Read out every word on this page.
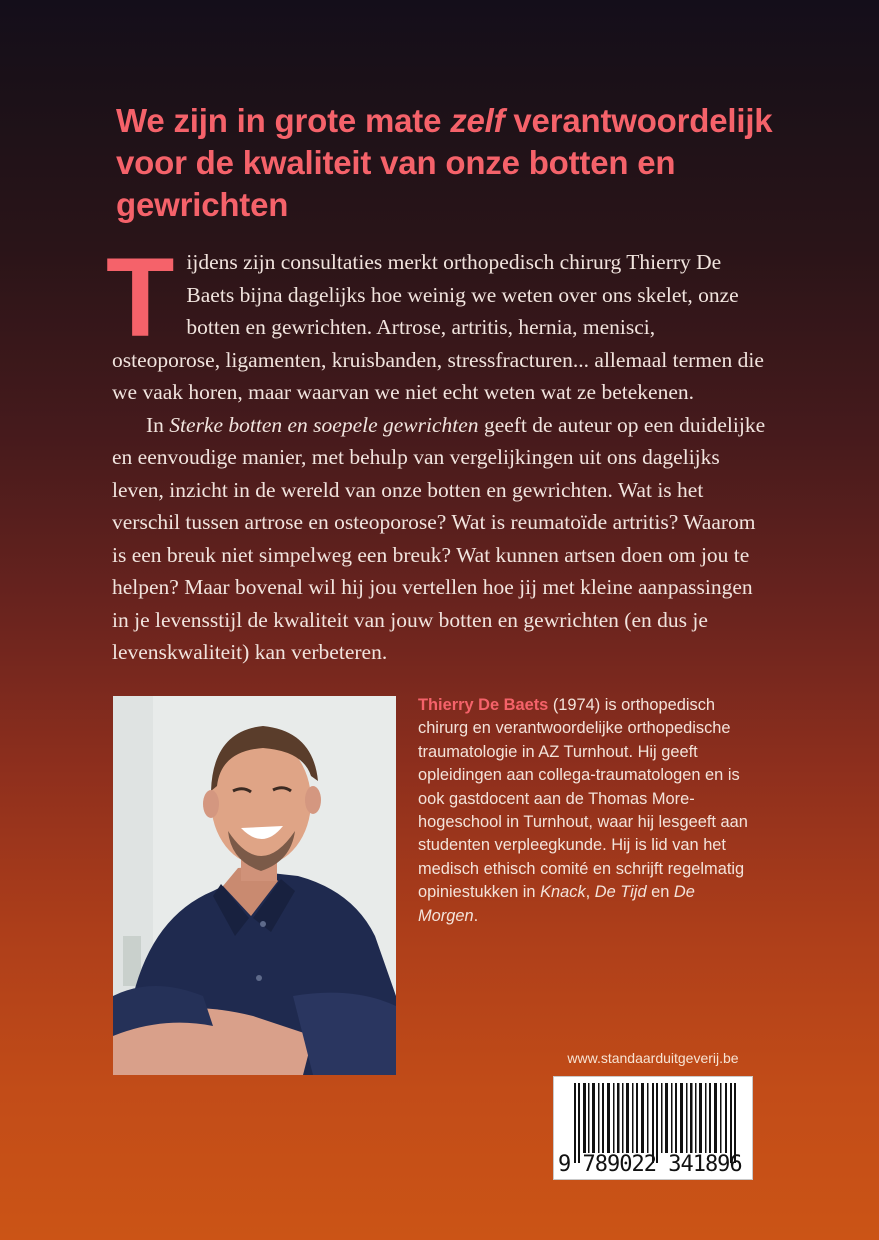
We zijn in grote mate zelf verantwoordelijk voor de kwaliteit van onze botten en gewrichten

Tijdens zijn consultaties merkt orthopedisch chirurg Thierry De Baets bijna dagelijks hoe weinig we weten over ons skelet, onze botten en gewrichten. Artrose, artritis, hernia, menisci, osteoporose, ligamenten, kruisbanden, stressfracturen... allemaal termen die we vaak horen, maar waarvan we niet echt weten wat ze betekenen.

In Sterke botten en soepele gewrichten geeft de auteur op een duidelijke en eenvoudige manier, met behulp van vergelijkingen uit ons dagelijks leven, inzicht in de wereld van onze botten en gewrichten. Wat is het verschil tussen artrose en osteoporose? Wat is reumatoïde artritis? Waarom is een breuk niet simpelweg een breuk? Wat kunnen artsen doen om jou te helpen? Maar bovenal wil hij jou vertellen hoe jij met kleine aanpassingen in je levensstijl de kwaliteit van jouw botten en gewrichten (en dus je levenskwaliteit) kan verbeteren.

Thierry De Baets (1974) is orthopedisch chirurg en verantwoordelijke orthopedische traumatologie in AZ Turnhout. Hij geeft opleidingen aan collega-traumatologen en is ook gastdocent aan de Thomas More-hogeschool in Turnhout, waar hij lesgeeft aan studenten verpleegkunde. Hij is lid van het medisch ethisch comité en schrijft regelmatig opiniestukken in Knack, De Tijd en De Morgen.
www.standaarduitgeverij.be
9 789022 341896
